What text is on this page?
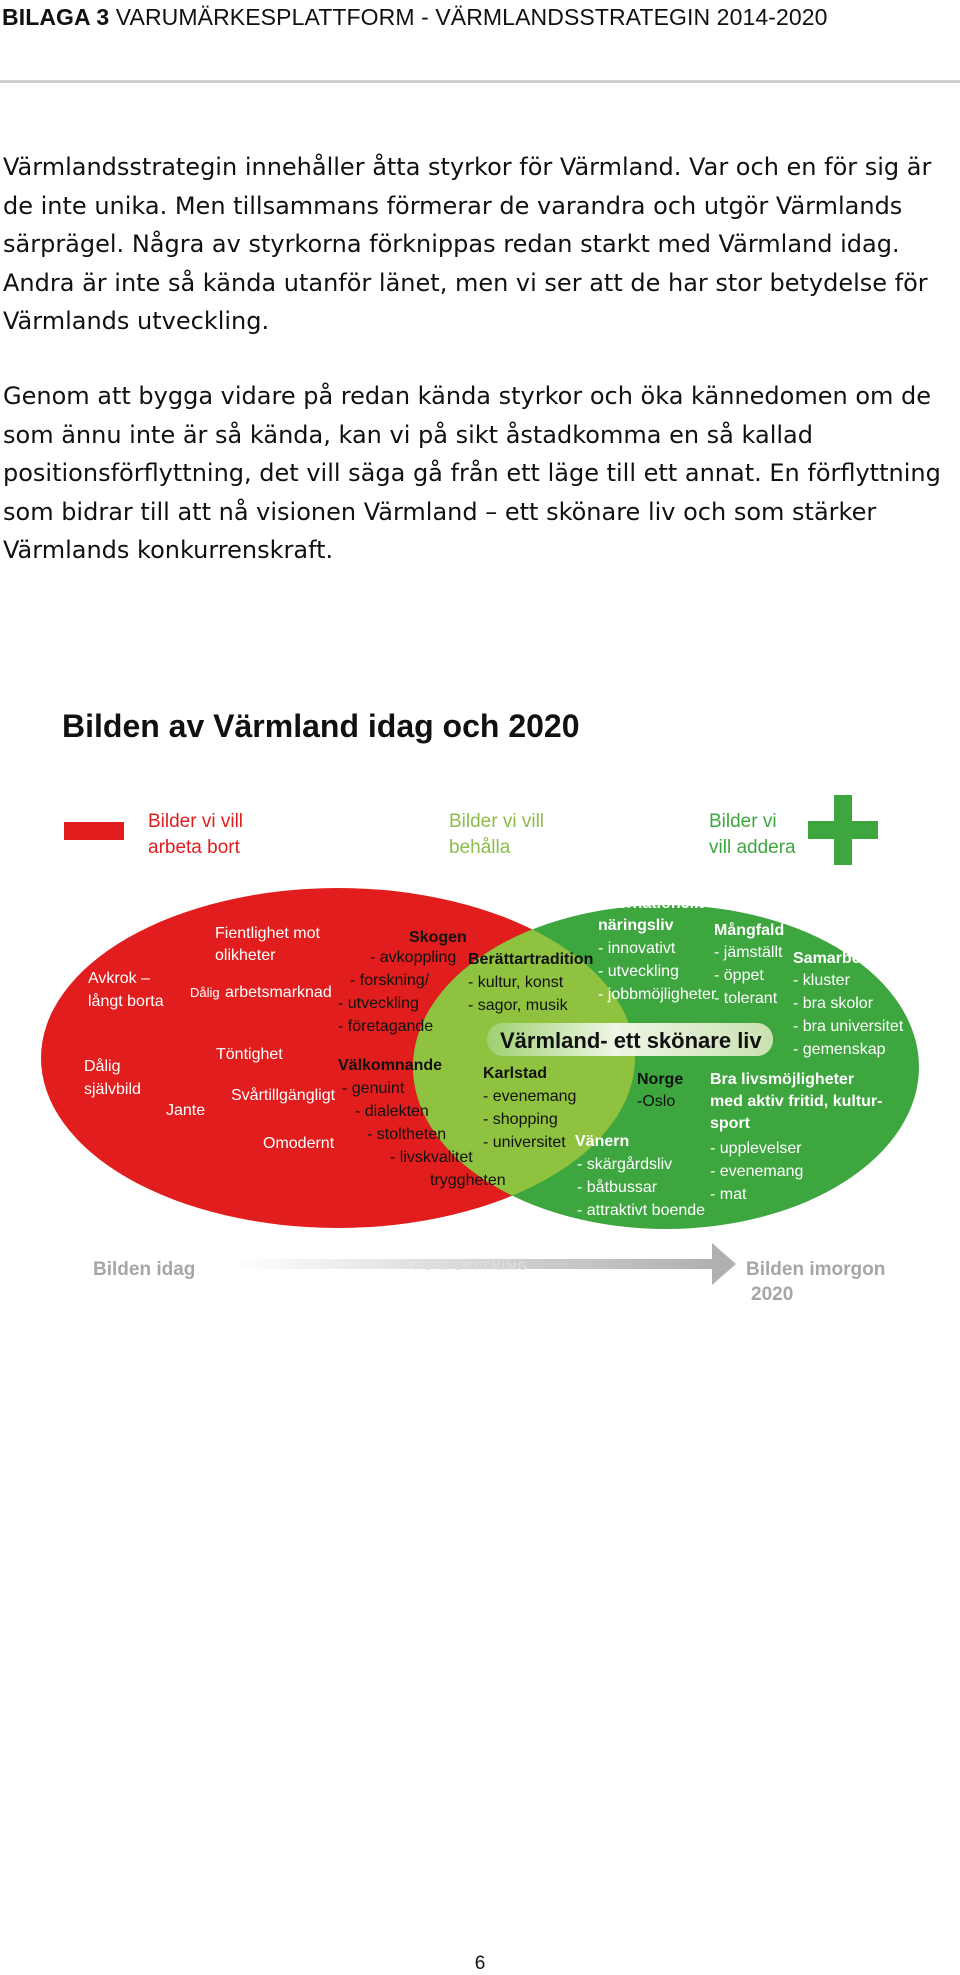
BILAGA 3 VARUMÄRKESPLATTFORM - VÄRMLANDSSTRATEGIN 2014-2020

Värmlandsstrategin innehåller åtta styrkor för Värmland. Var och en för sig är de inte unika. Men tillsammans förmerar de varandra och utgör Värmlands särprägel. Några av styrkorna förknippas redan starkt med Värmland idag. Andra är inte så kända utanför länet, men vi ser att de har stor betydelse för Värmlands utveckling.

Genom att bygga vidare på redan kända styrkor och öka kännedomen om de som ännu inte är så kända, kan vi på sikt åstadkomma en så kallad positionsförflyttning, det vill säga gå från ett läge till ett annat. En förflyttning som bidrar till att nå visionen Värmland – ett skönare liv och som stärker Värmlands konkurrenskraft.

Bilden av Värmland idag och 2020
Bilder vi vill
arbeta bort
Bilder vi vill
behålla
Bilder vi
vill addera
Fientlighet mot
olikheter
Avkrok –
långt borta
Dålig arbetsmarknad
Töntighet
Dålig
självbild	Svårtillgängligt
Jante
Omodernt
Skogen
- avkoppling
- forskning/
- utveckling
- företagande
Berättartradition
- kultur, konst
- sagor, musik
Välkomnande
- genuint
- dialekten
- stoltheten
- livskvalitet
tryggheten
Karlstad
- evenemang
- shopping
- universitet
Värmland- ett skönare liv
Internationellt
näringsliv
- innovativt
- utveckling
- jobbmöjligheter
Mångfald
- jämställt
- öppet
- tolerant
Samarbete
- kluster
- bra skolor
- bra universitet
- gemenskap
Norge
-Oslo
Bra livsmöjligheter
med aktiv fritid, kultur-
sport
- upplevelser
- evenemang
- mat
Vänern
- skärgårdsliv
- båtbussar
- attraktivt boende
Bilden idag	FÖRFLYTTNING	Bilden imorgon
2020
6
